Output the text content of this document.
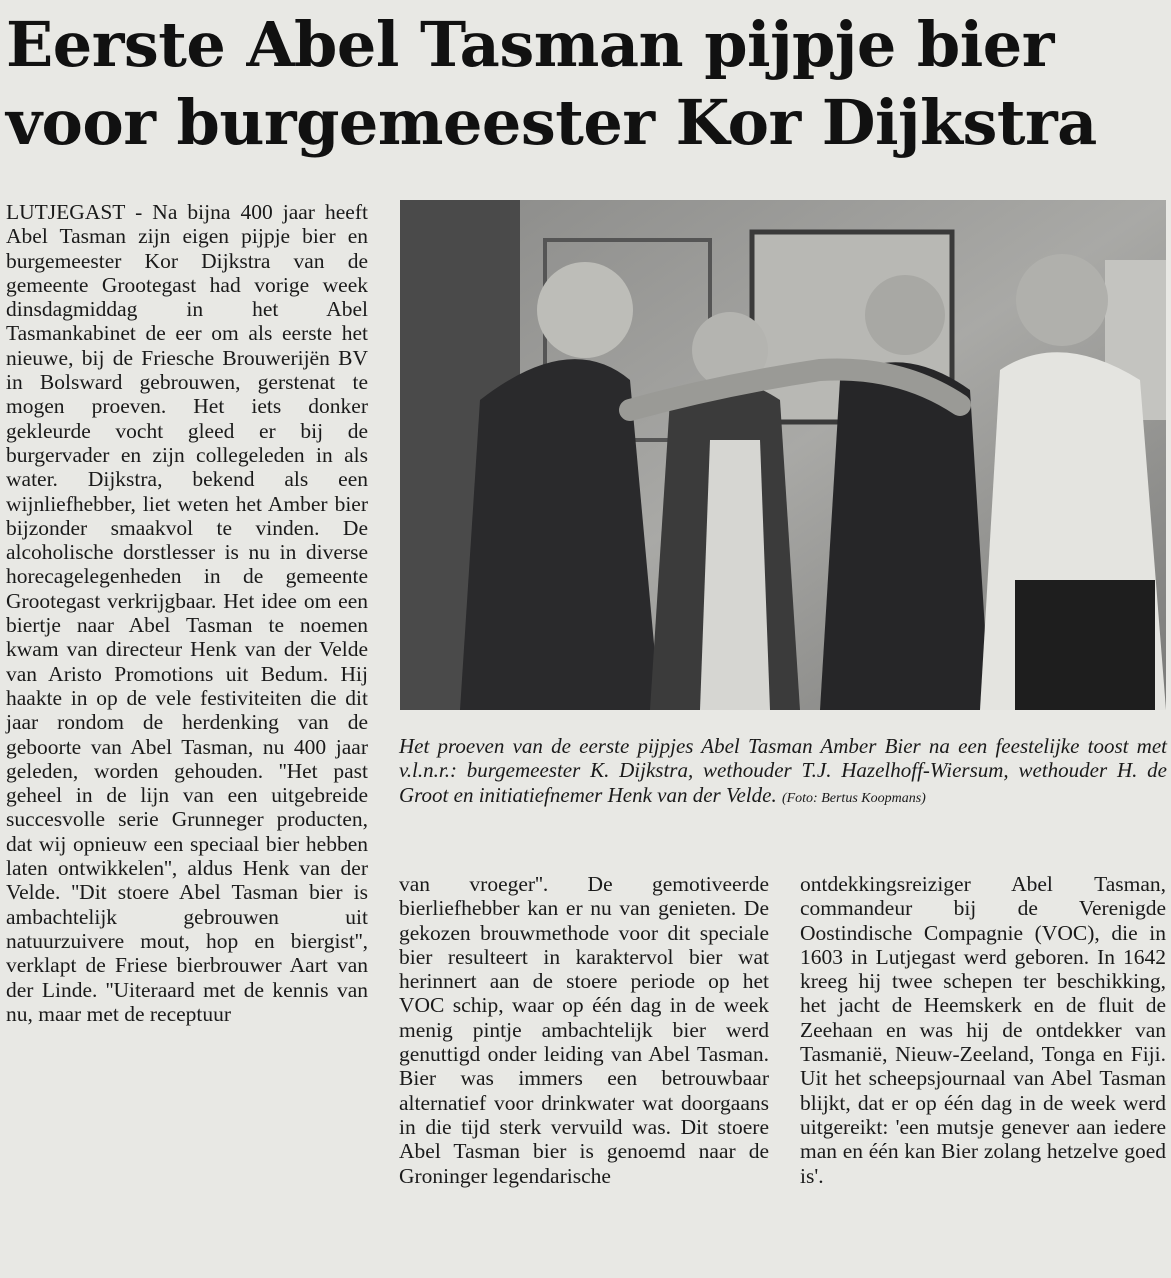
Eerste Abel Tasman pijpje bier
voor burgemeester Kor Dijkstra

LUTJEGAST - Na bijna 400 jaar heeft Abel Tasman zijn eigen pijpje bier en burgemeester Kor Dijkstra van de gemeente Grootegast had vorige week dinsdagmiddag in het Abel Tasmankabinet de eer om als eerste het nieuwe, bij de Friesche Brouwerijën BV in Bolsward gebrouwen, gerstenat te mogen proeven. Het iets donker gekleurde vocht gleed er bij de burgervader en zijn collegeleden in als water. Dijkstra, bekend als een wijnliefhebber, liet weten het Amber bier bijzonder smaakvol te vinden. De alcoholische dorstlesser is nu in diverse horecagelegenheden in de gemeente Grootegast verkrijgbaar. Het idee om een biertje naar Abel Tasman te noemen kwam van directeur Henk van der Velde van Aristo Promotions uit Bedum. Hij haakte in op de vele festiviteiten die dit jaar rondom de herdenking van de geboorte van Abel Tasman, nu 400 jaar geleden, worden gehouden. ''Het past geheel in de lijn van een uitgebreide succesvolle serie Grunneger producten, dat wij opnieuw een speciaal bier hebben laten ontwikkelen'', aldus Henk van der Velde. ''Dit stoere Abel Tasman bier is ambachtelijk gebrouwen uit natuurzuivere mout, hop en biergist'', verklapt de Friese bierbrouwer Aart van der Linde. ''Uiteraard met de kennis van nu, maar met de receptuur

Het proeven van de eerste pijpjes Abel Tasman Amber Bier na een feestelijke toost met v.l.n.r.: burgemeester K. Dijkstra, wethouder T.J. Hazelhoff-Wiersum, wethouder H. de Groot en initiatiefnemer Henk van der Velde. (Foto: Bertus Koopmans)

van vroeger''. De gemotiveerde bierliefhebber kan er nu van genieten. De gekozen brouwmethode voor dit speciale bier resulteert in karaktervol bier wat herinnert aan de stoere periode op het VOC schip, waar op één dag in de week menig pintje ambachtelijk bier werd genuttigd onder leiding van Abel Tasman. Bier was immers een betrouwbaar alternatief voor drinkwater wat doorgaans in die tijd sterk vervuild was. Dit stoere Abel Tasman bier is genoemd naar de Groninger legendarische

ontdekkingsreiziger Abel Tasman, commandeur bij de Verenigde Oostindische Compagnie (VOC), die in 1603 in Lutjegast werd geboren. In 1642 kreeg hij twee schepen ter beschikking, het jacht de Heemskerk en de fluit de Zeehaan en was hij de ontdekker van Tasmanië, Nieuw-Zeeland, Tonga en Fiji. Uit het scheepsjournaal van Abel Tasman blijkt, dat er op één dag in de week werd uitgereikt: 'een mutsje genever aan iedere man en één kan Bier zolang hetzelve goed is'.
